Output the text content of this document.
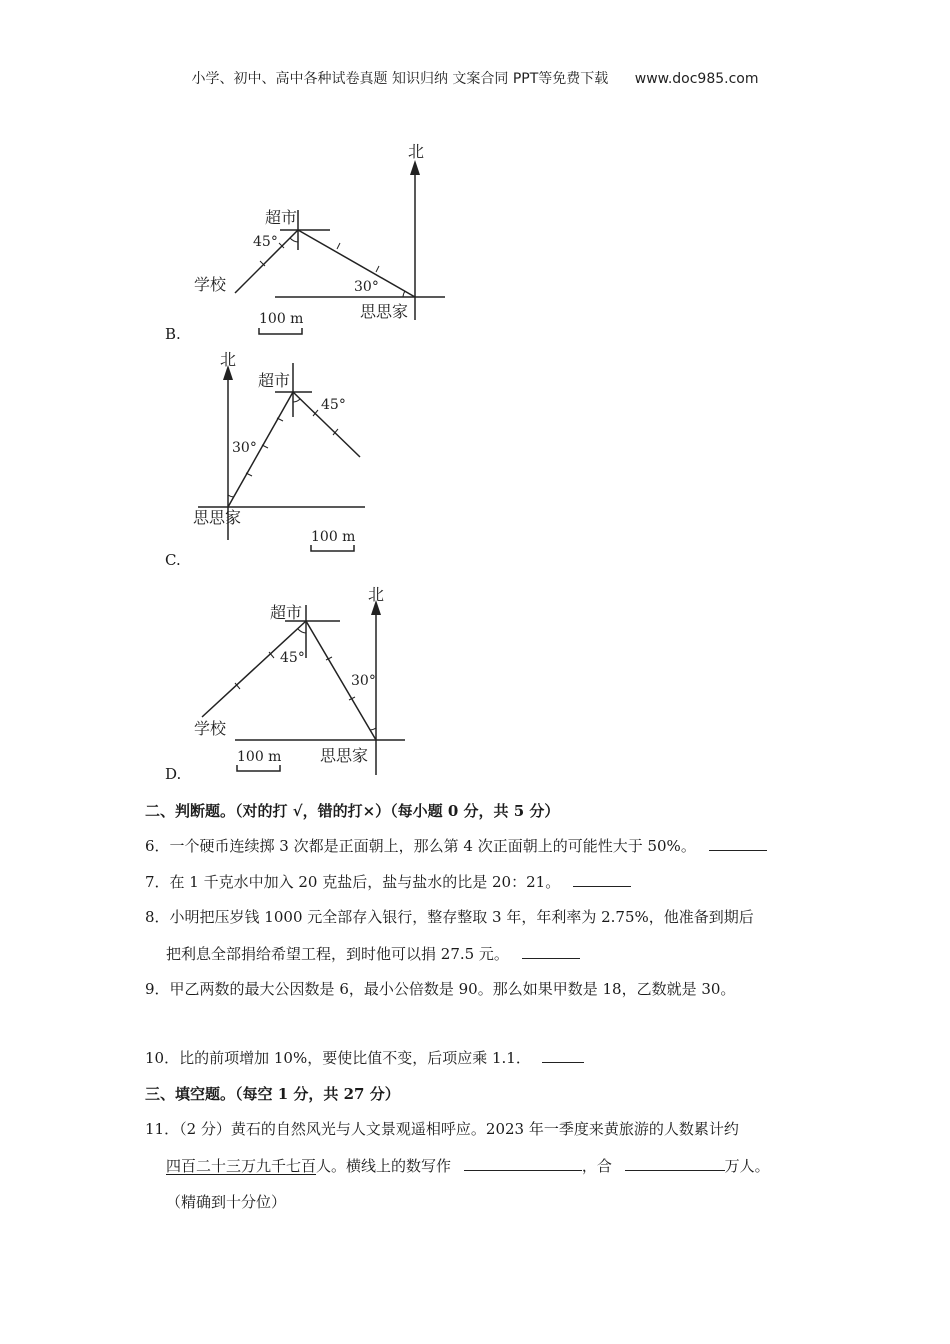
小学、初中、高中各种试卷真题 知识归纳 文案合同 PPT等免费下载 www.doc985.com
北
超市
45°
30°
学校
思思家
100 m
B.
北
超市
45°
30°
思思家
100 m
C.
北
超市
45°
30°
学校
思思家
100 m
D.
二、判断题。（对的打 √，错的打×）（每小题 0 分，共 5 分）
6．一个硬币连续掷 3 次都是正面朝上，那么第 4 次正面朝上的可能性大于 50%。
7．在 1 千克水中加入 20 克盐后，盐与盐水的比是 20：21。
8．小明把压岁钱 1000 元全部存入银行，整存整取 3 年，年利率为 2.75%，他准备到期后
把利息全部捐给希望工程，到时他可以捐 27.5 元。
9．甲乙两数的最大公因数是 6，最小公倍数是 90。那么如果甲数是 18，乙数就是 30。
10．比的前项增加 10%，要使比值不变，后项应乘 1.1．
三、填空题。（每空 1 分，共 27 分）
11．（2 分）黄石的自然风光与人文景观遥相呼应。2023 年一季度来黄旅游的人数累计约
四百二十三万九千七百人。横线上的数写作	，合	万人。
（精确到十分位）
